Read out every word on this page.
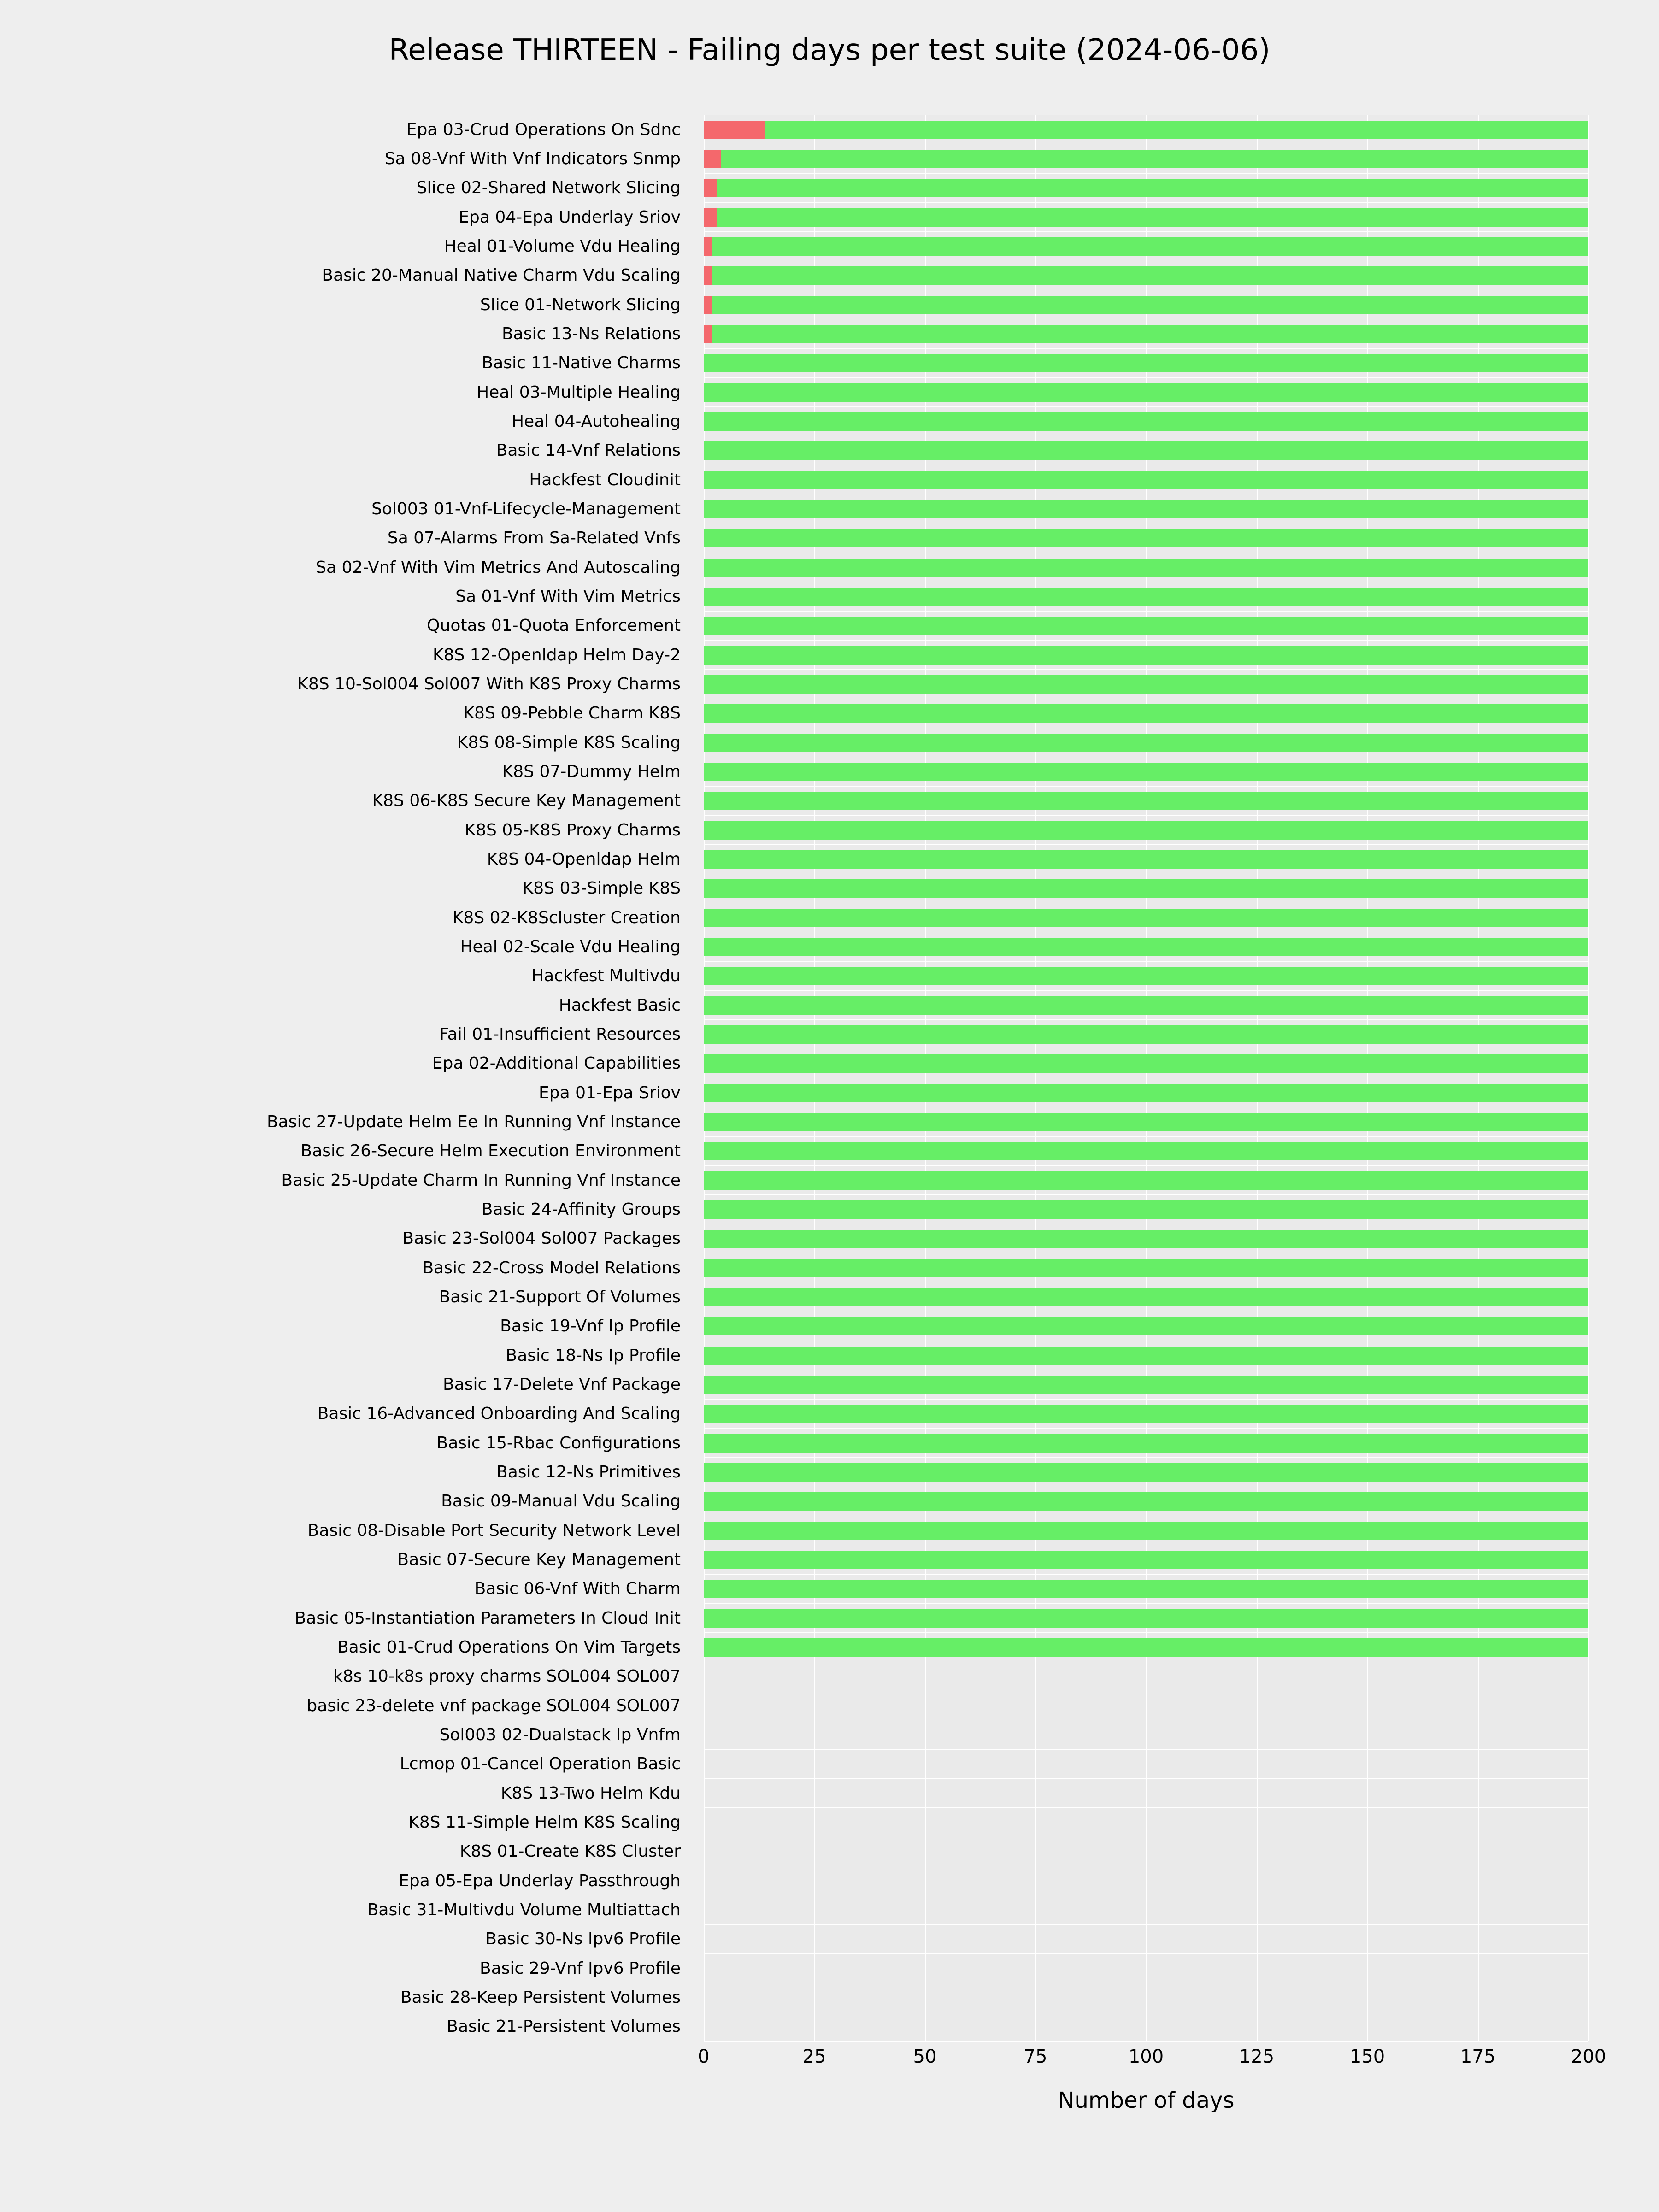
Release THIRTEEN - Failing days per test suite (2024-06-06)
Epa 03-Crud Operations On Sdnc
Sa 08-Vnf With Vnf Indicators Snmp
Slice 02-Shared Network Slicing
Epa 04-Epa Underlay Sriov
Heal 01-Volume Vdu Healing
Basic 20-Manual Native Charm Vdu Scaling
Slice 01-Network Slicing
Basic 13-Ns Relations
Basic 11-Native Charms
Heal 03-Multiple Healing
Heal 04-Autohealing
Basic 14-Vnf Relations
Hackfest Cloudinit
Sol003 01-Vnf-Lifecycle-Management
Sa 07-Alarms From Sa-Related Vnfs
Sa 02-Vnf With Vim Metrics And Autoscaling
Sa 01-Vnf With Vim Metrics
Quotas 01-Quota Enforcement
K8S 12-Openldap Helm Day-2
K8S 10-Sol004 Sol007 With K8S Proxy Charms
K8S 09-Pebble Charm K8S
K8S 08-Simple K8S Scaling
K8S 07-Dummy Helm
K8S 06-K8S Secure Key Management
K8S 05-K8S Proxy Charms
K8S 04-Openldap Helm
K8S 03-Simple K8S
K8S 02-K8Scluster Creation
Heal 02-Scale Vdu Healing
Hackfest Multivdu
Hackfest Basic
Fail 01-Insufficient Resources
Epa 02-Additional Capabilities
Epa 01-Epa Sriov
Basic 27-Update Helm Ee In Running Vnf Instance
Basic 26-Secure Helm Execution Environment
Basic 25-Update Charm In Running Vnf Instance
Basic 24-Affinity Groups
Basic 23-Sol004 Sol007 Packages
Basic 22-Cross Model Relations
Basic 21-Support Of Volumes
Basic 19-Vnf Ip Profile
Basic 18-Ns Ip Profile
Basic 17-Delete Vnf Package
Basic 16-Advanced Onboarding And Scaling
Basic 15-Rbac Configurations
Basic 12-Ns Primitives
Basic 09-Manual Vdu Scaling
Basic 08-Disable Port Security Network Level
Basic 07-Secure Key Management
Basic 06-Vnf With Charm
Basic 05-Instantiation Parameters In Cloud Init
Basic 01-Crud Operations On Vim Targets
k8s 10-k8s proxy charms SOL004 SOL007
basic 23-delete vnf package SOL004 SOL007
Sol003 02-Dualstack Ip Vnfm
Lcmop 01-Cancel Operation Basic
K8S 13-Two Helm Kdu
K8S 11-Simple Helm K8S Scaling
K8S 01-Create K8S Cluster
Epa 05-Epa Underlay Passthrough
Basic 31-Multivdu Volume Multiattach
Basic 30-Ns Ipv6 Profile
Basic 29-Vnf Ipv6 Profile
Basic 28-Keep Persistent Volumes
Basic 21-Persistent Volumes
0	25	50	75	100	125	150	175	200
Number of days
